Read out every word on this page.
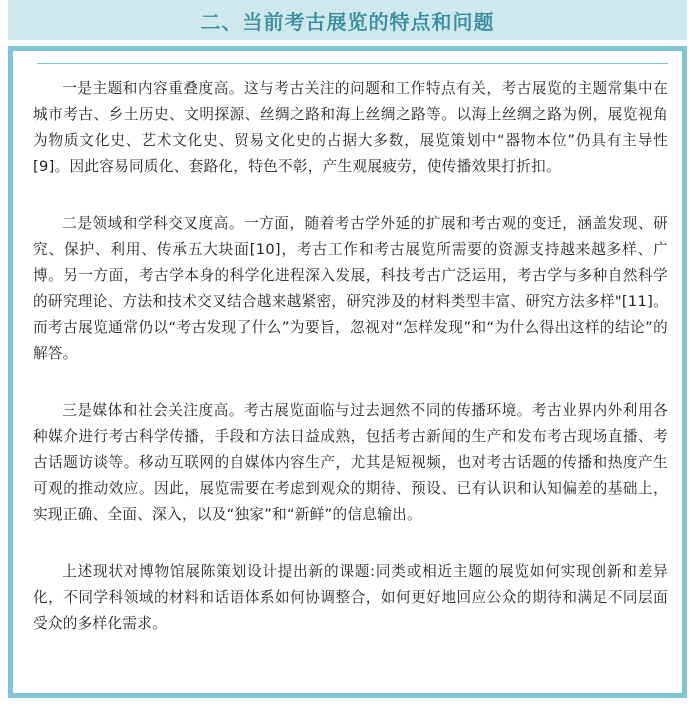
二、当前考古展览的特点和问题

一是主题和内容重叠度高。这与考古关注的问题和工作特点有关，考古展览的主题常集中在城市考古、乡土历史、文明探源、丝绸之路和海上丝绸之路等。以海上丝绸之路为例，展览视角为物质文化史、艺术文化史、贸易文化史的占据大多数，展览策划中“器物本位”仍具有主导性[9]。因此容易同质化、套路化，特色不彰，产生观展疲劳，使传播效果打折扣。

二是领域和学科交叉度高。一方面，随着考古学外延的扩展和考古观的变迁，涵盖发现、研究、保护、利用、传承五大块面[10]，考古工作和考古展览所需要的资源支持越来越多样、广博。另一方面，考古学本身的科学化进程深入发展，科技考古广泛运用，考古学与多种自然科学的研究理论、方法和技术交叉结合越来越紧密，研究涉及的材料类型丰富、研究方法多样"[11]。而考古展览通常仍以“考古发现了什么”为要旨，忽视对“怎样发现”和“为什么得出这样的结论”的解答。

三是媒体和社会关注度高。考古展览面临与过去迥然不同的传播环境。考古业界内外利用各种媒介进行考古科学传播，手段和方法日益成熟，包括考古新闻的生产和发布考古现场直播、考古话题访谈等。移动互联网的自媒体内容生产，尤其是短视频，也对考古话题的传播和热度产生可观的推动效应。因此，展览需要在考虑到观众的期待、预设、已有认识和认知偏差的基础上，实现正确、全面、深入，以及“独家”和“新鲜”的信息输出。

上述现状对博物馆展陈策划设计提出新的课题:同类或相近主题的展览如何实现创新和差异化，不同学科领域的材料和话语体系如何协调整合，如何更好地回应公众的期待和满足不同层面受众的多样化需求。
